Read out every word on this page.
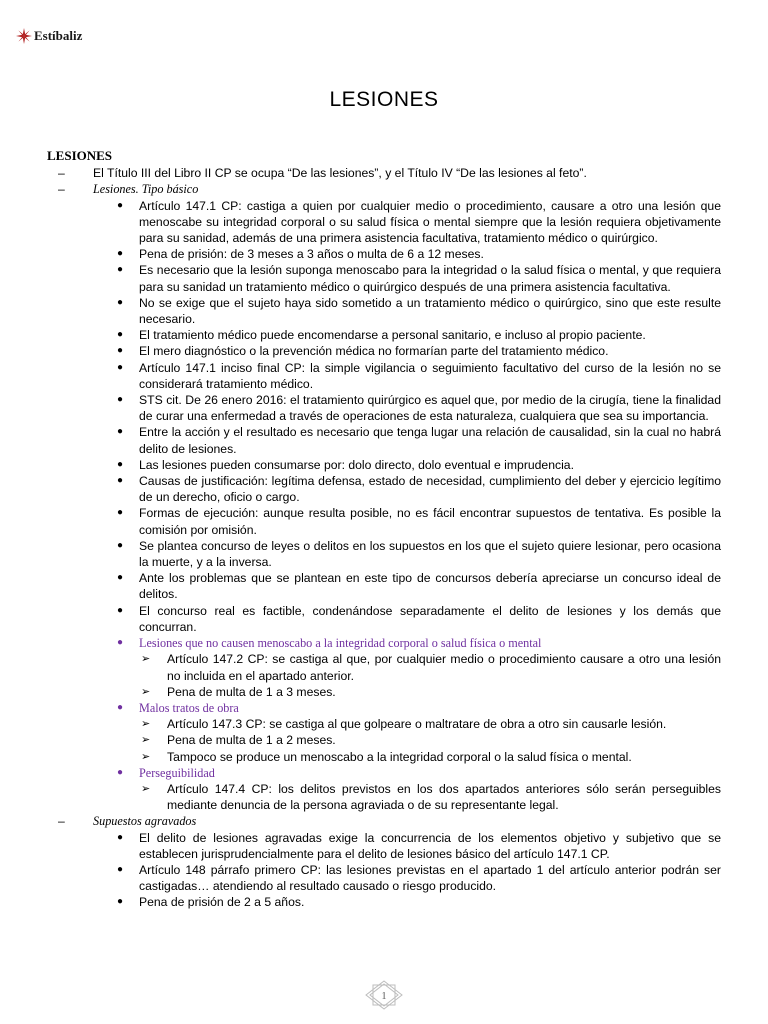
Estíbaliz
LESIONES
LESIONES
–	El Título III del Libro II CP se ocupa “De las lesiones”, y el Título IV “De las lesiones al feto”.
–	Lesiones. Tipo básico
●	Artículo 147.1 CP: castiga a quien por cualquier medio o procedimiento, causare a otro una lesión que menoscabe su integridad corporal o su salud física o mental siempre que la lesión requiera objetivamente para su sanidad, además de una primera asistencia facultativa, tratamiento médico o quirúrgico.
●	Pena de prisión: de 3 meses a 3 años o multa de 6 a 12 meses.
●	Es necesario que la lesión suponga menoscabo para la integridad o la salud física o mental, y que requiera para su sanidad un tratamiento médico o quirúrgico después de una primera asistencia facultativa.
●	No se exige que el sujeto haya sido sometido a un tratamiento médico o quirúrgico, sino que este resulte necesario.
●	El tratamiento médico puede encomendarse a personal sanitario, e incluso al propio paciente.
●	El mero diagnóstico o la prevención médica no formarían parte del tratamiento médico.
●	Artículo 147.1 inciso final CP: la simple vigilancia o seguimiento facultativo del curso de la lesión no se considerará tratamiento médico.
●	STS cit. De 26 enero 2016: el tratamiento quirúrgico es aquel que, por medio de la cirugía, tiene la finalidad de curar una enfermedad a través de operaciones de esta naturaleza, cualquiera que sea su importancia.
●	Entre la acción y el resultado es necesario que tenga lugar una relación de causalidad, sin la cual no habrá delito de lesiones.
●	Las lesiones pueden consumarse por: dolo directo, dolo eventual e imprudencia.
●	Causas de justificación: legítima defensa, estado de necesidad, cumplimiento del deber y ejercicio legítimo de un derecho, oficio o cargo.
●	Formas de ejecución: aunque resulta posible, no es fácil encontrar supuestos de tentativa. Es posible la comisión por omisión.
●	Se plantea concurso de leyes o delitos en los supuestos en los que el sujeto quiere lesionar, pero ocasiona la muerte, y a la inversa.
●	Ante los problemas que se plantean en este tipo de concursos debería apreciarse un concurso ideal de delitos.
●	El concurso real es factible, condenándose separadamente el delito de lesiones y los demás que concurran.
●	Lesiones que no causen menoscabo a la integridad corporal o salud física o mental
➢	Artículo 147.2 CP: se castiga al que, por cualquier medio o procedimiento causare a otro una lesión no incluida en el apartado anterior.
➢	Pena de multa de 1 a 3 meses.
●	Malos tratos de obra
➢	Artículo 147.3 CP: se castiga al que golpeare o maltratare de obra a otro sin causarle lesión.
➢	Pena de multa de 1 a 2 meses.
➢	Tampoco se produce un menoscabo a la integridad corporal o la salud física o mental.
●	Perseguibilidad
➢	Artículo 147.4 CP: los delitos previstos en los dos apartados anteriores sólo serán perseguibles mediante denuncia de la persona agraviada o de su representante legal.
–	Supuestos agravados
●	El delito de lesiones agravadas exige la concurrencia de los elementos objetivo y subjetivo que se establecen jurisprudencialmente para el delito de lesiones básico del artículo 147.1 CP.
●	Artículo 148 párrafo primero CP: las lesiones previstas en el apartado 1 del artículo anterior podrán ser castigadas… atendiendo al resultado causado o riesgo producido.
●	Pena de prisión de 2 a 5 años.
1
